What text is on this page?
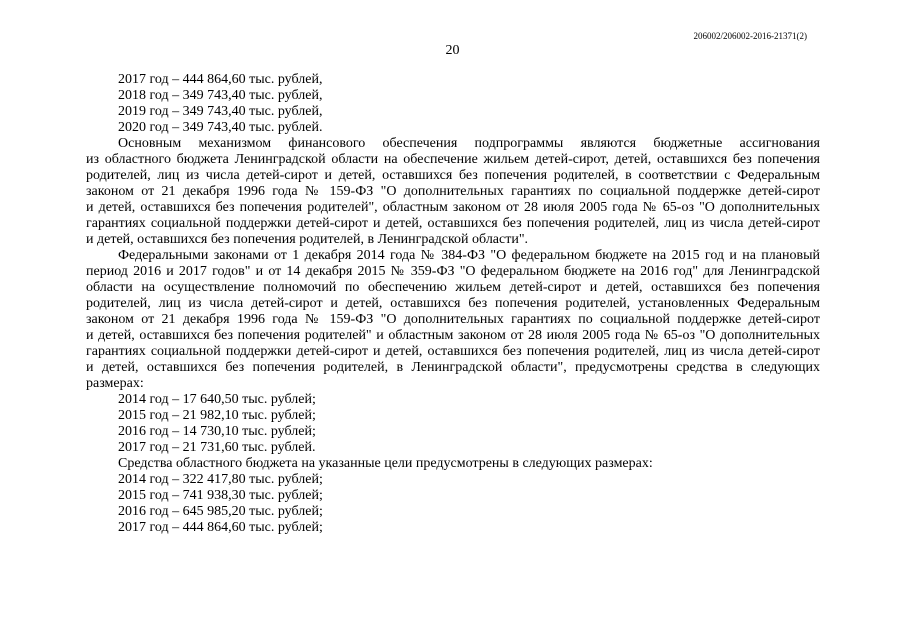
206002/206002-2016-21371(2)
20
2017 год – 444 864,60 тыс. рублей,
2018 год – 349 743,40 тыс. рублей,
2019 год – 349 743,40 тыс. рублей,
2020 год – 349 743,40 тыс. рублей.
Основным механизмом финансового обеспечения подпрограммы являются бюджетные ассигнования
из областного бюджета Ленинградской области на обеспечение жильем детей-сирот, детей, оставшихся без попечения
родителей, лиц из числа детей-сирот и детей, оставшихся без попечения родителей, в соответствии с Федеральным
законом от 21 декабря 1996 года № 159-ФЗ "О дополнительных гарантиях по социальной поддержке детей-сирот
и детей, оставшихся без попечения родителей", областным законом от 28 июля 2005 года № 65-оз "О дополнительных
гарантиях социальной поддержки детей-сирот и детей, оставшихся без попечения родителей, лиц из числа детей-сирот
и детей, оставшихся без попечения родителей, в Ленинградской области".
Федеральными законами от 1 декабря 2014 года № 384-ФЗ "О федеральном бюджете на 2015 год и на плановый
период 2016 и 2017 годов" и от 14 декабря 2015 № 359-ФЗ "О федеральном бюджете на 2016 год" для Ленинградской
области на осуществление полномочий по обеспечению жильем детей-сирот и детей, оставшихся без попечения
родителей, лиц из числа детей-сирот и детей, оставшихся без попечения родителей, установленных Федеральным
законом от 21 декабря 1996 года № 159-ФЗ "О дополнительных гарантиях по социальной поддержке детей-сирот
и детей, оставшихся без попечения родителей" и областным законом от 28 июля 2005 года № 65-оз "О дополнительных
гарантиях социальной поддержки детей-сирот и детей, оставшихся без попечения родителей, лиц из числа детей-сирот
и детей, оставшихся без попечения родителей, в Ленинградской области", предусмотрены средства в следующих
размерах:
2014 год – 17 640,50 тыс. рублей;
2015 год – 21 982,10 тыс. рублей;
2016 год – 14 730,10 тыс. рублей;
2017 год – 21 731,60 тыс. рублей.
Средства областного бюджета на указанные цели предусмотрены в следующих размерах:
2014 год – 322 417,80 тыс. рублей;
2015 год – 741 938,30 тыс. рублей;
2016 год – 645 985,20 тыс. рублей;
2017 год – 444 864,60 тыс. рублей;
